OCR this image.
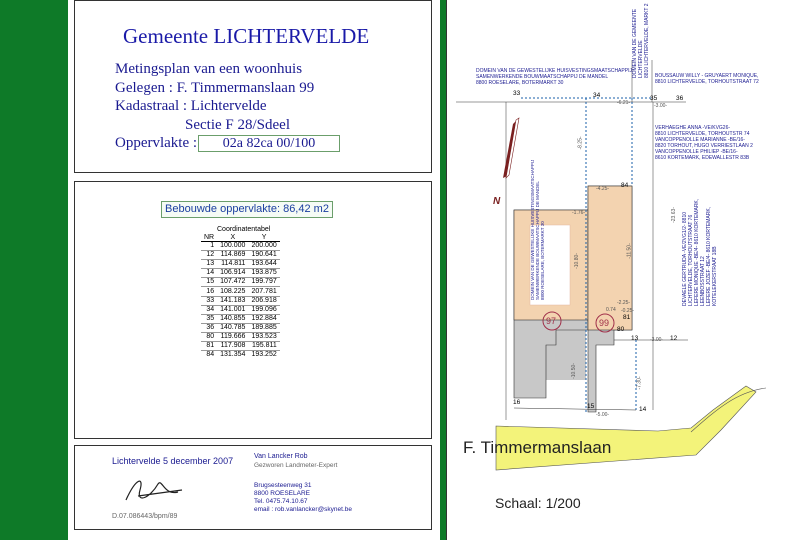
Gemeente LICHTERVELDE
Metingsplan van een woonhuis
Gelegen : F. Timmermanslaan 99
Kadastraal : Lichtervelde
Sectie F 28/Sdeel
Oppervlakte :	02a 82ca 00/100
Bebouwde oppervlakte: 86,42 m2
Coordinatentabel
NR	X	Y
1	100.000	200.000
12	114.869	190.641
13	114.811	193.644
14	106.914	193.875
15	107.472	199.797
16	108.225	207.781
33	141.183	206.918
34	141.001	199.096
35	140.855	192.884
36	140.785	189.885
80	119.666	193.523
81	117.908	195.811
84	131.354	193.252
Lichtervelde 5 december 2007
D.07.086443/bpm/89
Van Lancker Rob
Gezworen Landmeter-Expert
Brugsesteenweg 31
8800 ROESELARE
Tel. 0475.74.10.67
email : rob.vanlancker@skynet.be
F. Timmermanslaan
Schaal: 1/200
N
97	99
33	34	35	36
84
80
81
13	12
16
15	14
-6.21-	-3.00-
-8.25-
-4.25-
-1.76-
-10.80-
-11.50-
-10.50-
-5.00-
-3.00-
-7.30-
-23.63-
-2.25-
-0.25-
0.74
DOMEIN VAN DE GEWESTELIJKE HUISVESTINGSMAATSCHAPPIJ
SAMENWERKENDE BOUWMAATSCHAPPIJ DE MANDEL
8800 ROESELARE, BOTERMARKT 30
DOMEIN VAN DE GEMEENTE LICHTERVELDE 8810 LICHTERVELDE, MARKT 2 BOUSSAUW WILLY - GRUYAERT MONIQUE,
8810 LICHTERVELDE, TORHOUTSTRAAT 72
VERHAEGHE ANNA -VE/KVG26-
8810 LICHTERVELDE, TORHOUTSTR 74
VANCOPPENOLLE MARIANNE -BE/16-
8820 TORHOUT, HUGO VERRIESTLAAN 2
VANCOPPENOLLE PHILIEP -BE/16-
8610 KORTEMARK, EDEWALLESTR 83B
DEVAELE GERTRUDA -VE/2VG1/2- 8810 LICHTERVELDE, TORHOUTSTRAAT 76 LEFERE MONIQUE -BE/4- 8610 KORTEMARK, LEENBOSSTRAAT 12 LEFERE JOZEF -BE/4- 8610 KORTEMARK, KOTELEKERSTRAAT 18B
DOMEIN VAN DE GEWESTELIJKE HUISVESTINGSMAATSCHAPPIJ SAMENWERKENDE BOUWMAATSCHAPPIJ DE MANDEL 8800 ROESELARE, BOTERMARKT 30
